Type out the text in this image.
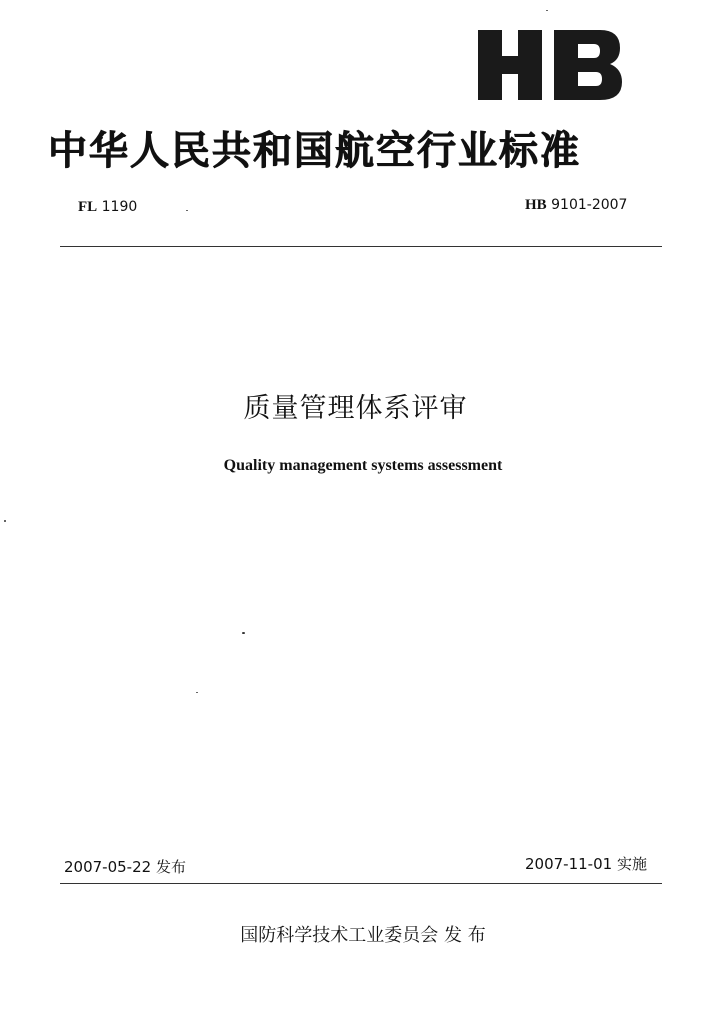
中华人民共和国航空行业标准
FL 1190	HB 9101-2007
质量管理体系评审
Quality management systems assessment
2007-05-22 发布	2007-11-01 实施
国防科学技术工业委员会 发 布
